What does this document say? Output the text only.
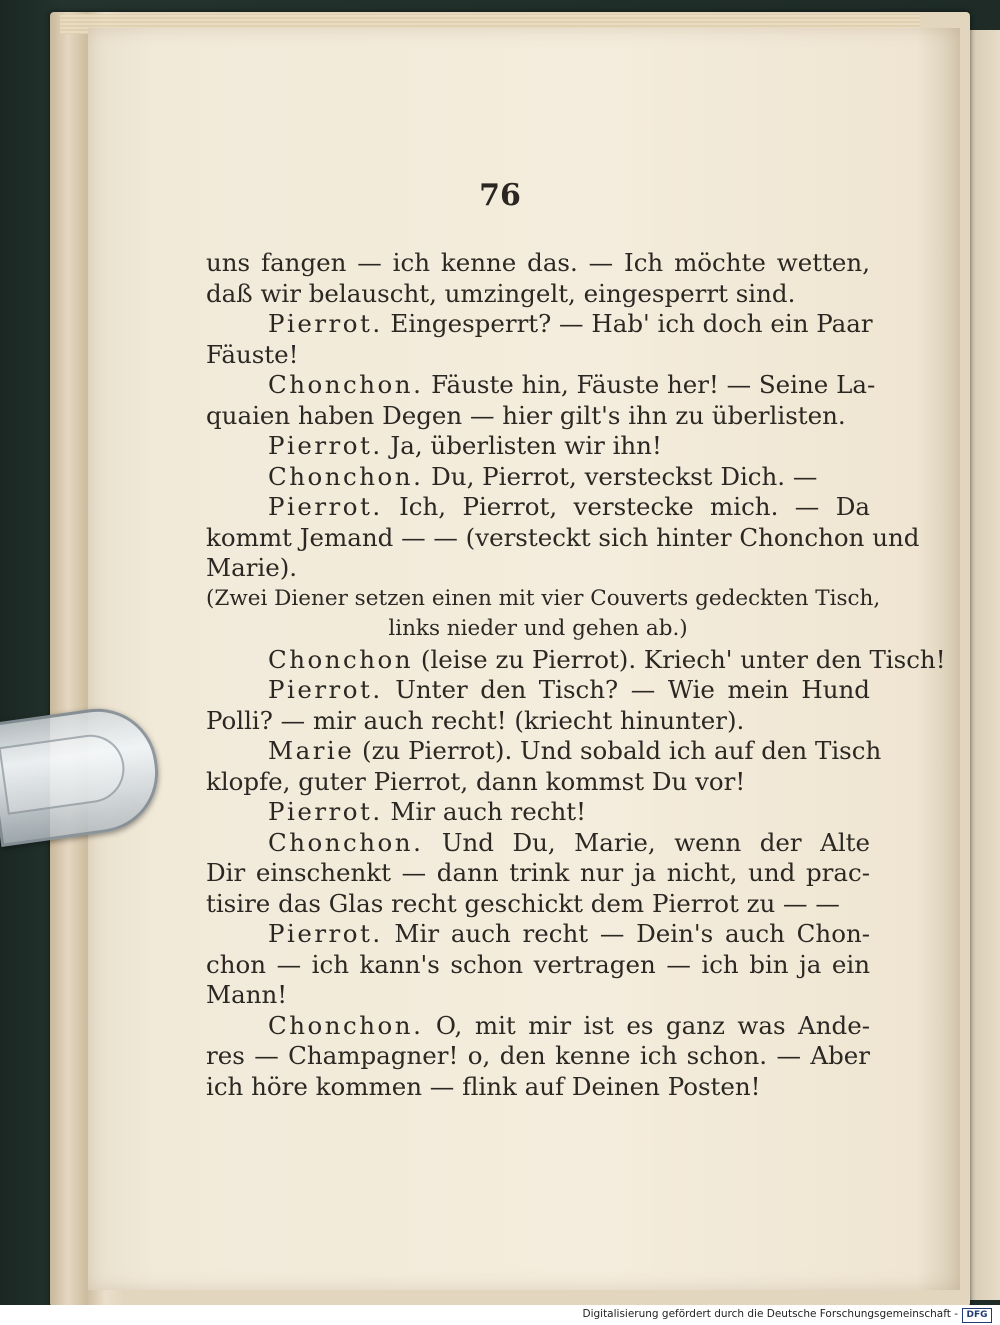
76
uns fangen — ich kenne das. — Ich möchte wetten,
daß wir belauscht, umzingelt, eingesperrt sind.
Pierrot. Eingesperrt? — Hab' ich doch ein Paar
Fäuste!
Chonchon. Fäuste hin, Fäuste her! — Seine La-
quaien haben Degen — hier gilt's ihn zu überlisten.
Pierrot. Ja, überlisten wir ihn!
Chonchon. Du, Pierrot, versteckst Dich. —
Pierrot. Ich, Pierrot, verstecke mich. — Da
kommt Jemand — — (versteckt sich hinter Chonchon und
Marie).
(Zwei Diener setzen einen mit vier Couverts gedeckten Tisch,
links nieder und gehen ab.)
Chonchon (leise zu Pierrot). Kriech' unter den Tisch!
Pierrot. Unter den Tisch? — Wie mein Hund
Polli? — mir auch recht! (kriecht hinunter).
Marie (zu Pierrot). Und sobald ich auf den Tisch
klopfe, guter Pierrot, dann kommst Du vor!
Pierrot. Mir auch recht!
Chonchon. Und Du, Marie, wenn der Alte
Dir einschenkt — dann trink nur ja nicht, und prac-
tisire das Glas recht geschickt dem Pierrot zu — —
Pierrot. Mir auch recht — Dein's auch Chon-
chon — ich kann's schon vertragen — ich bin ja ein
Mann!
Chonchon. O, mit mir ist es ganz was Ande-
res — Champagner! o, den kenne ich schon. — Aber
ich höre kommen — flink auf Deinen Posten!
Digitalisierung gefördert durch die Deutsche Forschungsgemeinschaft - DFG
